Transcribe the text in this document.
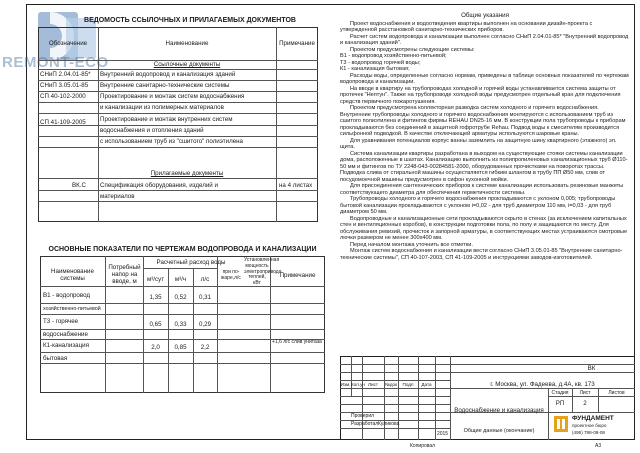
REMONT-ECO
ВЕДОМОСТЬ ССЫЛОЧНЫХ И ПРИЛАГАЕМЫХ ДОКУМЕНТОВ
Обозначение	Наименование	Примечание
Ссылочные документы
СНиП 2.04.01-85* Внутренний водопровод и канализация зданий
СНиП 3.05.01-85 Внутренние санитарно-технические системы
СП 40-102-2000 Проектирование и монтаж систем водоснабжения
и канализации из полимерных материалов
СП 41-109-2005 Проектирование и монтаж внутренних систем
водоснабжения и отопления зданий
с использованием труб из "сшитого" полиэтилена
Прилагаемые документы
ВК.С Спецификация оборудования, изделий и	на 4 листах
материалов
ОСНОВНЫЕ ПОКАЗАТЕЛИ ПО ЧЕРТЕЖАМ ВОДОПРОВОДА И КАНАЛИЗАЦИИ
Наименование системы
Потребный напор на вводе, м
Расчетный расход воды
м³/сут	м³/ч	л/с
при по-жаре,л/с
Установленная мощность электропривода теплей, кВт
Примечание
В1 - водопровод	1,35	0,52	0,31
хозяйственно-питьевой
Т3 - горячее	0,65	0,33	0,29
водоснабжение
К1-канализация	2,0	0,85	2,2
+1,6 л/с слив унитаза
бытовая

Общие указания

Проект водоснабжения и водоотведения квартиры выполнен на основании дизайн-проекта с утвержденной расстановкой санитарно-технических приборов.

Расчет систем водопровода и канализации выполнен согласно СНиП 2.04.01-85* "Внутренний водопровод и канализация зданий".

Проектом предусмотрены следующие системы:

В1 - водопровод хозяйственно-питьевой;

Т3 - водопровод горячей воды;

К1 - канализация бытовая;

Расходы воды, определенные согласно нормам, приведены в таблице основных показателей по чертежам водопровода и канализации.

На вводе в квартиру на трубопроводах холодной и горячей воды устанавливается система защиты от протечек "Нептун". Также на трубопроводе холодной воды предусмотрен отдельный кран для подключения средств первичного пожаротушения.

Проектом предусмотрена коллекторная разводка систем холодного и горячего водоснабжения. Внутренние трубопроводы холодного и горячего водоснабжения монтируются с использованием труб из сшитого полиэтилена и фитингов фирмы REHAU DN25-16 мм. В конструкции пола трубопроводы к приборам прокладываются без соединений в защитной гофротрубе Rehau. Подвод воды к смесителям производится сильфонной подводкой. В качестве отключающей арматуры используются шаровые краны.

Для уравнивания потенциалов корпус ванны заземлить на защитную шину квартирного (этажного) эл. щита.

Система канализации квартиры разработана в выходом на существующие стояки системы канализации дома, расположенные в шахтах. Канализацию выполнить из полипропиленовых канализационных труб Ø110-50 мм и фитингов по ТУ 2248-043-00284581-2000, оборудованных прочистками на поворотах трассы. Подводка слива от стиральной машины осуществляется гибким шлангом в трубу ПП Ø50 мм, слив от посудомоечной машины предусмотрен в сифон кухонной мойки.

Для присоединения сантехнических приборов к системе канализации использовать резиновые манжеты соответствующего диаметра для обеспечения герметичности системы.

Трубопроводы холодного и горячего водоснабжения прокладываются с уклоном 0,005; трубопроводы бытовой канализации прокладываются с уклоном i=0,02 - для труб диаметром 110 мм, i=0,03 - для труб диаметром 50 мм.

Водопроводные и канализационные сети прокладываются скрыто в стенах (за исключением капитальных стен и вентиляционных коробов), в конструкции подготовки пола, по полу и защищаются по месту. Для обслуживания ревизий, прочисток и запорной арматуры, в соответствующих местах устраиваются смотровые лючки размером не менее 300х400 мм.

Перед началом монтажа уточнить все отметки.

Монтаж систем водоснабжения и канализации вести согласно СНиП 3.05.01-85 "Внутренние санитарно-технические системы", СП 40-107-2003, СП 41-109-2005 и инструкциями заводов-изготовителей.

ВК
г. Москва, ул. Фадеева, д.4А, кв. 173
Изм. Кол.уч Лист	№док	Подп	Дата
Проверил
Разработал Куликова
2015
Водоснабжение и канализация
Общие данные (окончание)
Стадия	Лист	Листов
РП	2
ФУНДАМЕНТ
проектное бюро
(495) 798-08-08
Копировал	А3
